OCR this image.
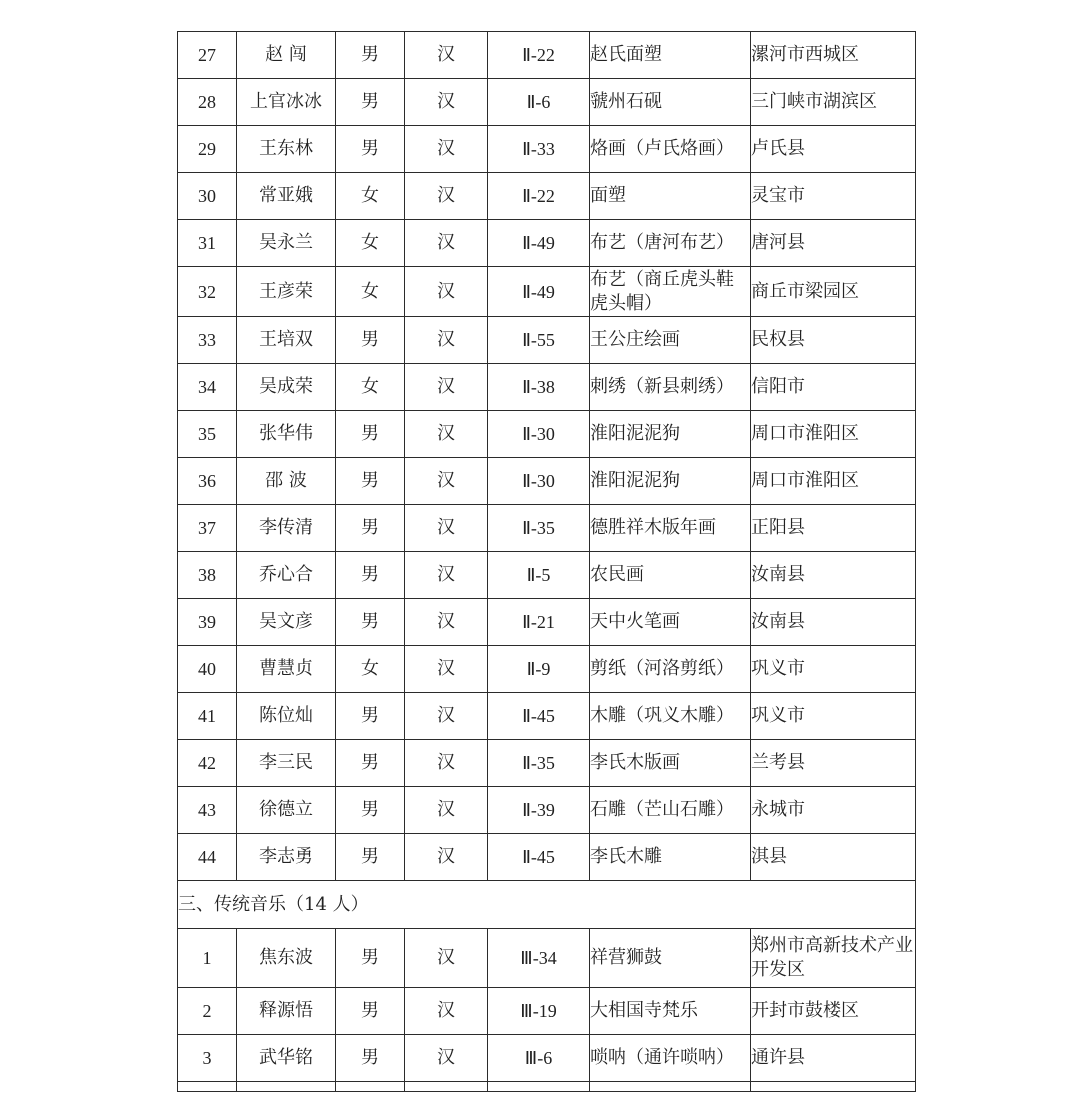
27	赵 闯	男	汉	Ⅱ-22	赵氏面塑	漯河市西城区
28	上官冰冰	男	汉	Ⅱ-6	虢州石砚	三门峡市湖滨区
29	王东林	男	汉	Ⅱ-33	烙画（卢氏烙画）	卢氏县
30	常亚娥	女	汉	Ⅱ-22	面塑	灵宝市
31	吴永兰	女	汉	Ⅱ-49	布艺（唐河布艺）	唐河县
32	王彦荣	女	汉	Ⅱ-49	布艺（商丘虎头鞋虎头帽）	商丘市梁园区
33	王培双	男	汉	Ⅱ-55	王公庄绘画	民权县
34	吴成荣	女	汉	Ⅱ-38	刺绣（新县刺绣）	信阳市
35	张华伟	男	汉	Ⅱ-30	淮阳泥泥狗	周口市淮阳区
36	邵 波	男	汉	Ⅱ-30	淮阳泥泥狗	周口市淮阳区
37	李传清	男	汉	Ⅱ-35	德胜祥木版年画	正阳县
38	乔心合	男	汉	Ⅱ-5	农民画	汝南县
39	吴文彦	男	汉	Ⅱ-21	天中火笔画	汝南县
40	曹慧贞	女	汉	Ⅱ-9	剪纸（河洛剪纸）	巩义市
41	陈位灿	男	汉	Ⅱ-45	木雕（巩义木雕）	巩义市
42	李三民	男	汉	Ⅱ-35	李氏木版画	兰考县
43	徐德立	男	汉	Ⅱ-39	石雕（芒山石雕）	永城市
44	李志勇	男	汉	Ⅱ-45	李氏木雕	淇县
三、传统音乐（14 人）						
1	焦东波	男	汉	Ⅲ-34	祥营狮鼓	郑州市高新技术产业开发区
2	释源悟	男	汉	Ⅲ-19	大相国寺梵乐	开封市鼓楼区
3	武华铭	男	汉	Ⅲ-6	唢呐（通许唢呐）	通许县
